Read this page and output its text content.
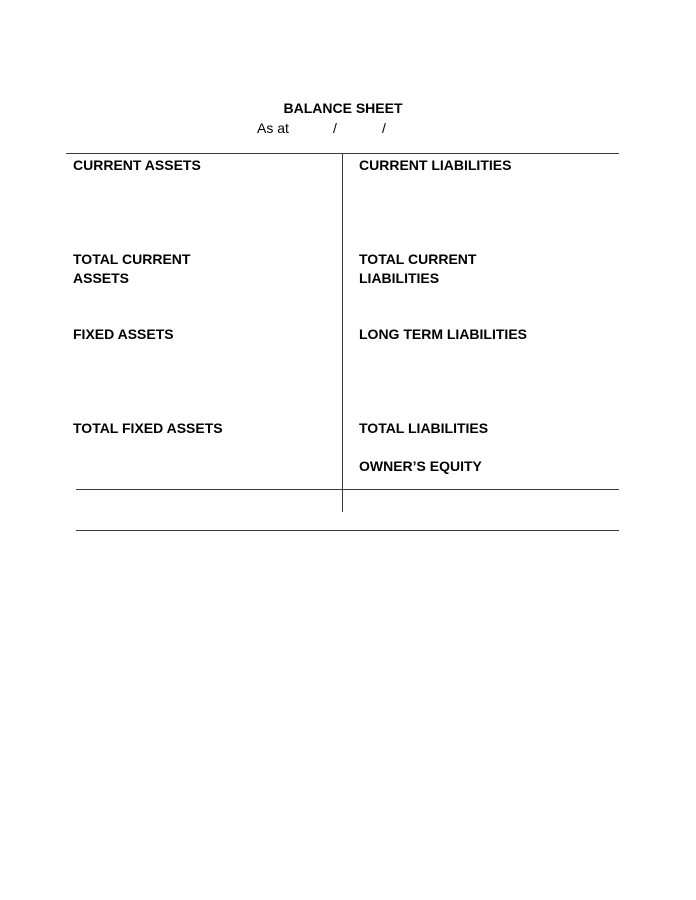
BALANCE SHEET
As at	/	/
CURRENT ASSETS
TOTAL CURRENT
ASSETS
FIXED ASSETS
TOTAL FIXED ASSETS
CURRENT LIABILITIES
TOTAL CURRENT
LIABILITIES
LONG TERM LIABILITIES
TOTAL LIABILITIES
OWNER’S EQUITY
